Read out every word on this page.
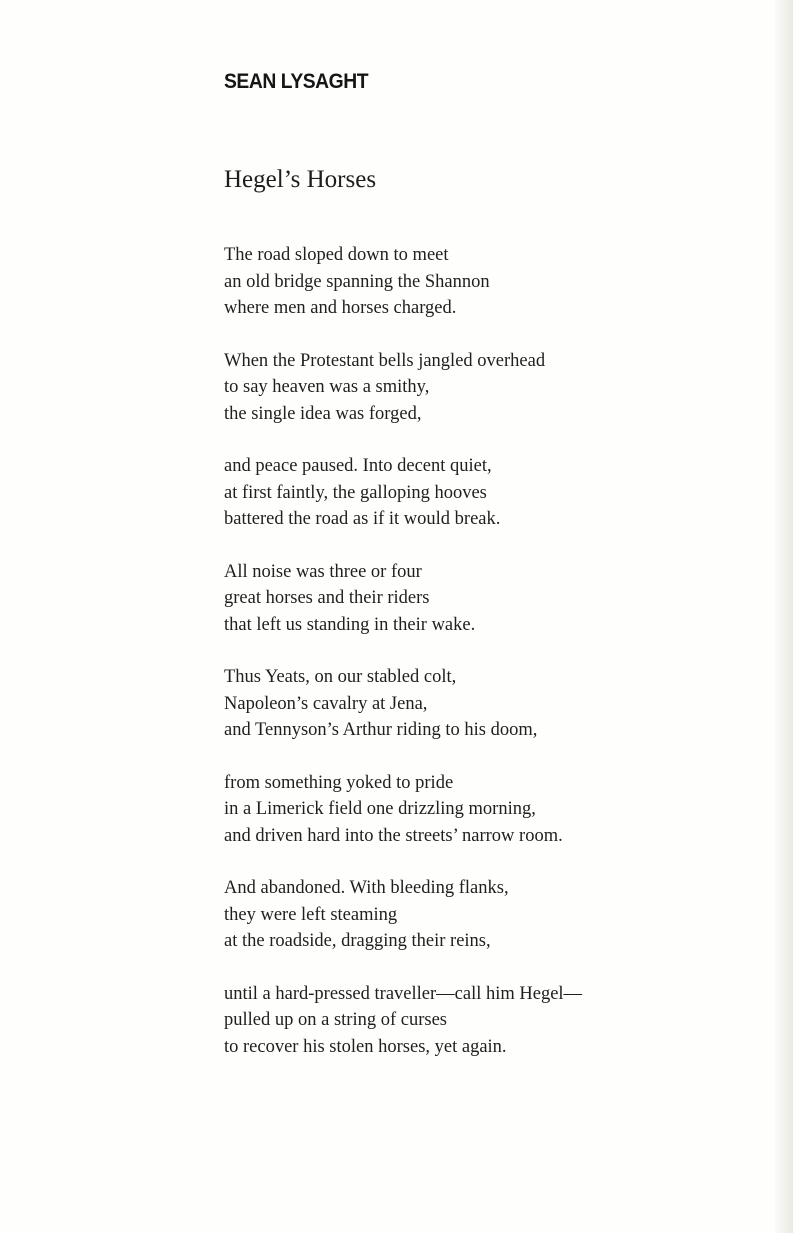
SEAN LYSAGHT
Hegel’s Horses
The road sloped down to meet
an old bridge spanning the Shannon
where men and horses charged.
When the Protestant bells jangled overhead
to say heaven was a smithy,
the single idea was forged,
and peace paused. Into decent quiet,
at first faintly, the galloping hooves
battered the road as if it would break.
All noise was three or four
great horses and their riders
that left us standing in their wake.
Thus Yeats, on our stabled colt,
Napoleon’s cavalry at Jena,
and Tennyson’s Arthur riding to his doom,
from something yoked to pride
in a Limerick field one drizzling morning,
and driven hard into the streets’ narrow room.
And abandoned. With bleeding flanks,
they were left steaming
at the roadside, dragging their reins,
until a hard-pressed traveller—call him Hegel—
pulled up on a string of curses
to recover his stolen horses, yet again.
